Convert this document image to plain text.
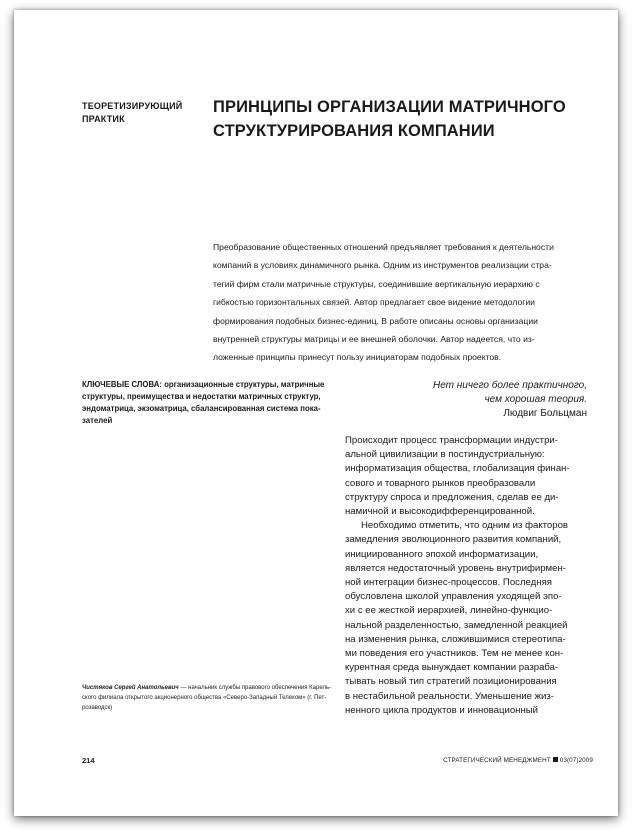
ТЕОРЕТИЗИРУЮЩИЙ
ПРАКТИК
ПРИНЦИПЫ ОРГАНИЗАЦИИ МАТРИЧНОГО
СТРУКТУРИРОВАНИЯ КОМПАНИИ
Преобразование общественных отношений предъявляет требования к деятельности
компаний в условиях динамичного рынка. Одним из инструментов реализации стра-
тегий фирм стали матричные структуры, соединившие вертикальную иерархию с
гибкостью горизонтальных связей. Автор предлагает свое видение методологии
формирования подобных бизнес-единиц. В работе описаны основы организации
внутренней структуры матрицы и ее внешней оболочки. Автор надеется, что из-
ложенные принципы принесут пользу инициаторам подобных проектов.
КЛЮЧЕВЫЕ СЛОВА: организационные структуры, матричные структуры, преимущества и недостатки матричных структур, эндоматрица, экзоматрица, сбалансированная система пока-зателей
Нет ничего более практичного,
чем хорошая теория.
Людвиг Больцман
Происходит процесс трансформации индустри-
альной цивилизации в постиндустриальную:
информатизация общества, глобализация финан-
сового и товарного рынков преобразовали
структуру спроса и предложения, сделав ее ди-
намичной и высокодифференцированной.
Необходимо отметить, что одним из факторов
замедления эволюционного развития компаний,
инициированного эпохой информатизации,
является недостаточный уровень внутрифирмен-
ной интеграции бизнес-процессов. Последняя
обусловлена школой управления уходящей эпо-
хи с ее жесткой иерархией, линейно-функцио-
нальной разделенностью, замедленной реакцией
на изменения рынка, сложившимися стереотипа-
ми поведения его участников. Тем не менее кон-
курентная среда вынуждает компании разраба-
тывать новый тип стратегий позиционирования
в нестабильной реальности. Уменьшение жиз-
ненного цикла продуктов и инновационный
Чистяков Сергей Анатольевич — начальник службы правового обеспечения Карель-ского филиала открытого акционерного общества «Северо-Западный Телеком» (г. Пет-розаводск)
214	СТРАТЕГИЧЕСКИЙ МЕНЕДЖМЕНТ 03(07)2009
